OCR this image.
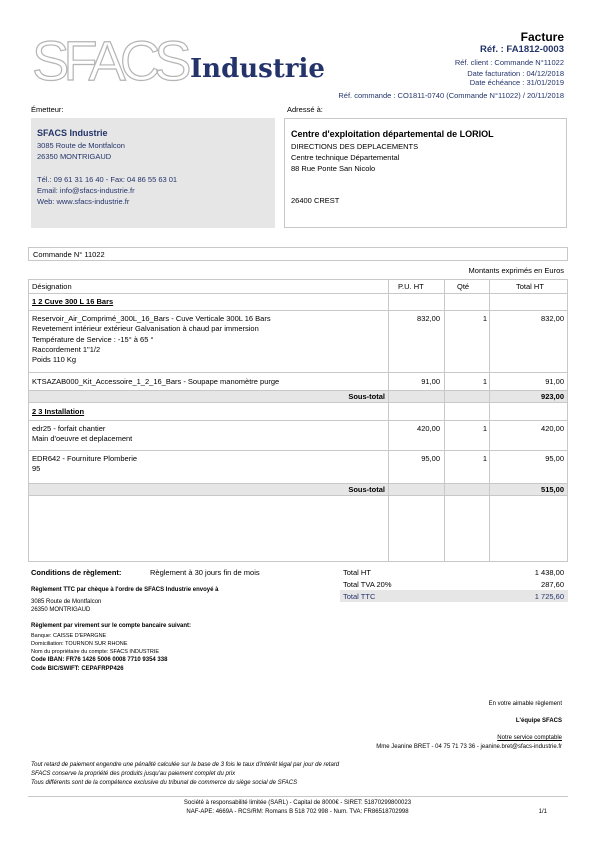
SFACS Industrie
Facture
Réf. : FA1812-0003
Réf. client : Commande N°11022
Date facturation : 04/12/2018
Date échéance : 31/01/2019
Réf. commande : CO1811-0740 (Commande N°11022) / 20/11/2018
Émetteur:
SFACS Industrie
3085 Route de Montfalcon
26350 MONTRIGAUD
Tél.: 09 61 31 16 40 - Fax: 04 86 55 63 01
Email: info@sfacs-industrie.fr
Web: www.sfacs-industrie.fr
Adressé à:
Centre d'exploitation départemental de LORIOL
DIRECTIONS DES DEPLACEMENTS
Centre technique Départemental
88 Rue Ponte San Nicolo
26400 CREST
Commande N° 11022
Montants exprimés en Euros
Désignation	P.U. HT	Qté	Total HT
1 2 Cuve 300 L 16 Bars
Reservoir_Air_Comprimé_300L_16_Bars - Cuve Verticale 300L 16 Bars
Revetement intérieur extérieur Galvanisation à chaud par immersion
Température de Service : -15° à 65 °
Raccordement 1"1/2
Poids 110 Kg
832,00	1	832,00
KTSAZAB000_Kit_Accessoire_1_2_16_Bars - Soupape manomètre purge	91,00	1	91,00
Sous-total	923,00
2 3 Installation
edr25 - forfait chantier
Main d'oeuvre et deplacement
420,00	1	420,00
EDR642 - Fourniture Plomberie
95
95,00	1	95,00
Sous-total	515,00
Conditions de règlement:	Règlement à 30 jours fin de mois
Règlement TTC par chèque à l'ordre de SFACS Industrie envoyé à
3085 Route de Montfalcon
26350 MONTRIGAUD
Règlement par virement sur le compte bancaire suivant:
Banque: CAISSE D'EPARGNE
Domiciliation: TOURNON SUR RHONE
Nom du propriétaire du compte: SFACS INDUSTRIE
Code IBAN: FR76 1426 5006 0008 7710 9354 338
Code BIC/SWIFT: CEPAFRPP426
Total HT	1 438,00
Total TVA 20%	287,60
Total TTC	1 725,60
En votre aimable règlement
L'équipe SFACS
Notre service comptable
Mme Jeanine BRET - 04 75 71 73 36 - jeanine.bret@sfacs-industrie.fr
Tout retard de paiement engendre une pénalité calculée sur la base de 3 fois le taux d'intérêt légal par jour de retard
SFACS conserve la propriété des produits jusqu'au paiement complet du prix
Tous différents sont de la compétence exclusive du tribunal de commerce du siège social de SFACS
Société à responsabilité limitée (SARL) - Capital de 8000€ - SIRET: 51870299800023
NAF-APE: 4669A - RCS/RM: Romans B 518 702 998 - Num. TVA: FR86518702998	1/1
